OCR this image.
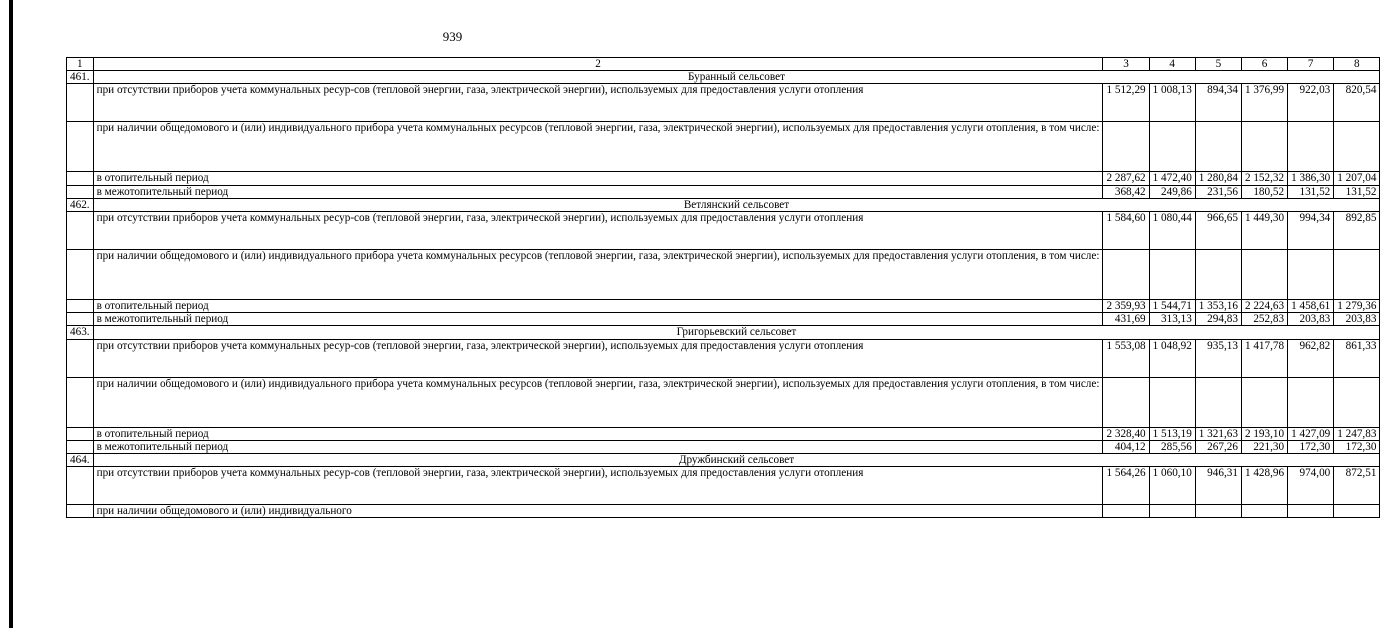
939
1	2	3	4	5	6	7	8
461.	Буранный сельсовет						
	при отсутствии приборов учета коммунальных ресур-сов (тепловой энергии, газа, электрической энергии), используемых для предоставления услуги отопления	1 512,29	1 008,13	894,34	1 376,99	922,03	820,54
	при наличии общедомового и (или) индивидуального прибора учета коммунальных ресурсов (тепловой энергии, газа, электрической энергии), используемых для предоставления услуги отопления, в том числе:						
	в отопительный период	2 287,62	1 472,40	1 280,84	2 152,32	1 386,30	1 207,04
	в межотопительный период	368,42	249,86	231,56	180,52	131,52	131,52
462.	Ветлянский сельсовет						
	при отсутствии приборов учета коммунальных ресур-сов (тепловой энергии, газа, электрической энергии), используемых для предоставления услуги отопления	1 584,60	1 080,44	966,65	1 449,30	994,34	892,85
	при наличии общедомового и (или) индивидуального прибора учета коммунальных ресурсов (тепловой энергии, газа, электрической энергии), используемых для предоставления услуги отопления, в том числе:						
	в отопительный период	2 359,93	1 544,71	1 353,16	2 224,63	1 458,61	1 279,36
	в межотопительный период	431,69	313,13	294,83	252,83	203,83	203,83
463.	Григорьевский сельсовет						
	при отсутствии приборов учета коммунальных ресур-сов (тепловой энергии, газа, электрической энергии), используемых для предоставления услуги отопления	1 553,08	1 048,92	935,13	1 417,78	962,82	861,33
	при наличии общедомового и (или) индивидуального прибора учета коммунальных ресурсов (тепловой энергии, газа, электрической энергии), используемых для предоставления услуги отопления, в том числе:						
	в отопительный период	2 328,40	1 513,19	1 321,63	2 193,10	1 427,09	1 247,83
	в межотопительный период	404,12	285,56	267,26	221,30	172,30	172,30
464.	Дружбинский сельсовет						
	при отсутствии приборов учета коммунальных ресур-сов (тепловой энергии, газа, электрической энергии), используемых для предоставления услуги отопления	1 564,26	1 060,10	946,31	1 428,96	974,00	872,51
	при наличии общедомового и (или) индивидуального						
